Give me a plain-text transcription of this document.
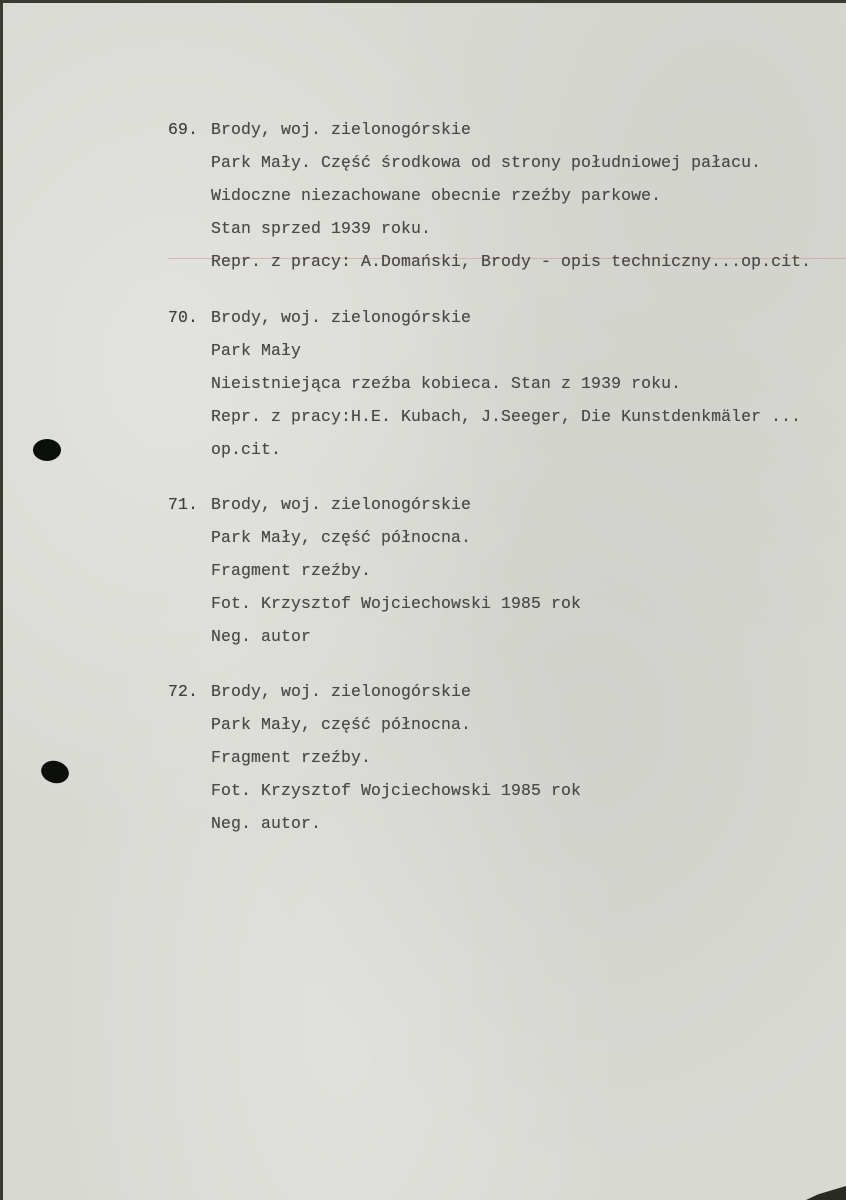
69. Brody, woj. zielonogórskie
Park Mały. Część środkowa od strony południowej pałacu.
Widoczne niezachowane obecnie rzeźby parkowe.
Stan sprzed 1939 roku.
Repr. z pracy: A.Domański, Brody - opis techniczny...op.cit.
70. Brody, woj. zielonogórskie
Park Mały
Nieistniejąca rzeźba kobieca. Stan z 1939 roku.
Repr. z pracy:H.E. Kubach, J.Seeger, Die Kunstdenkmäler ...
op.cit.
71. Brody, woj. zielonogórskie
Park Mały, część północna.
Fragment rzeźby.
Fot. Krzysztof Wojciechowski 1985 rok
Neg. autor
72. Brody, woj. zielonogórskie
Park Mały, część północna.
Fragment rzeźby.
Fot. Krzysztof Wojciechowski 1985 rok
Neg. autor.
